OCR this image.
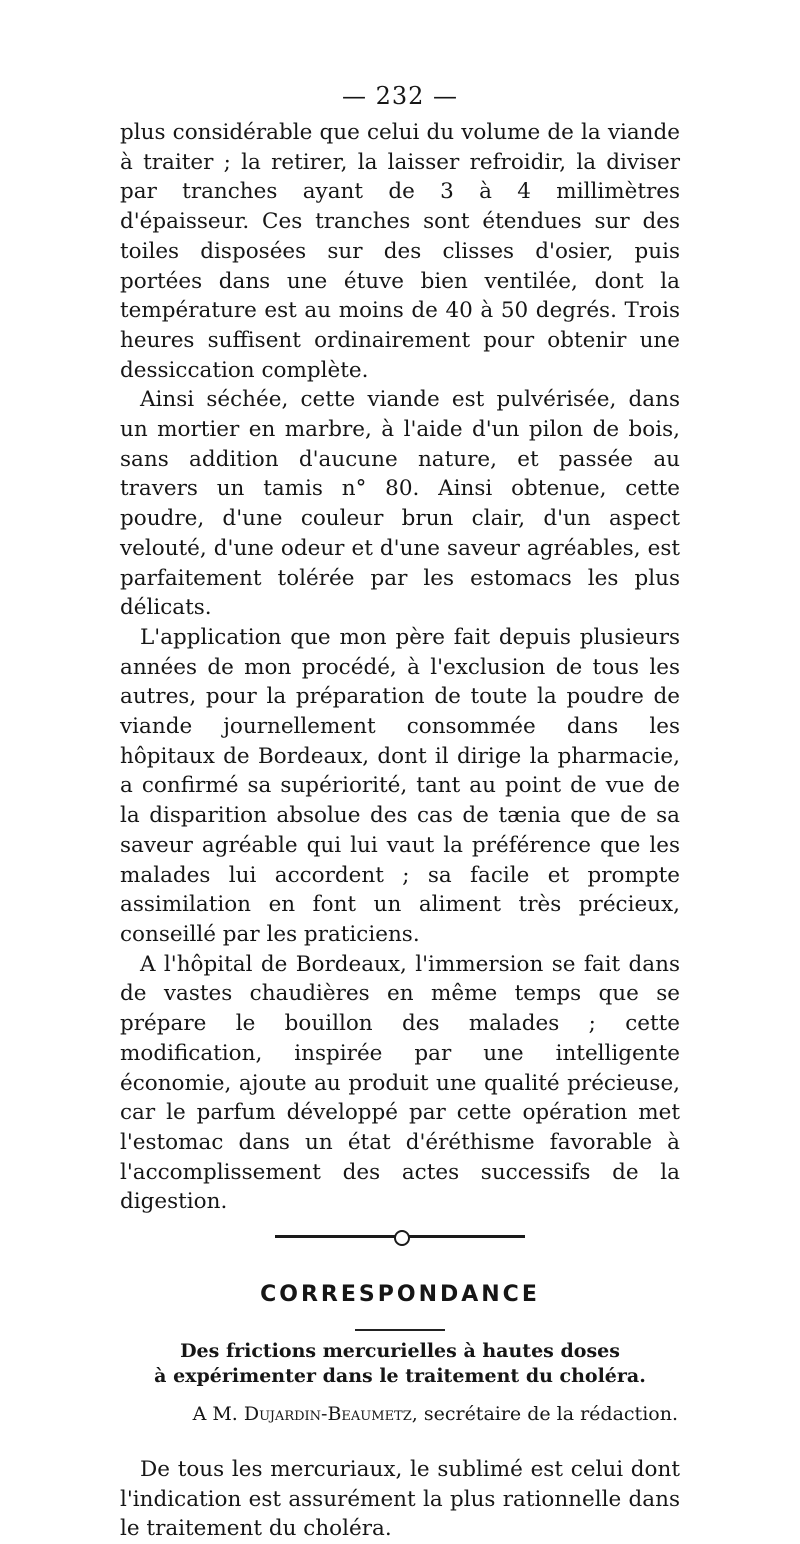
— 232 —

plus considérable que celui du volume de la viande à traiter ; la retirer, la laisser refroidir, la diviser par tranches ayant de 3 à 4 millimètres d'épaisseur. Ces tranches sont étendues sur des toiles disposées sur des clisses d'osier, puis portées dans une étuve bien ventilée, dont la température est au moins de 40 à 50 degrés. Trois heures suffisent ordinairement pour obtenir une dessiccation complète.

Ainsi séchée, cette viande est pulvérisée, dans un mortier en marbre, à l'aide d'un pilon de bois, sans addition d'aucune nature, et passée au travers un tamis n° 80. Ainsi obtenue, cette poudre, d'une couleur brun clair, d'un aspect velouté, d'une odeur et d'une saveur agréables, est parfaitement tolérée par les estomacs les plus délicats.

L'application que mon père fait depuis plusieurs années de mon procédé, à l'exclusion de tous les autres, pour la préparation de toute la poudre de viande journellement consommée dans les hôpitaux de Bordeaux, dont il dirige la pharmacie, a confirmé sa supériorité, tant au point de vue de la disparition absolue des cas de tænia que de sa saveur agréable qui lui vaut la préférence que les malades lui accordent ; sa facile et prompte assimilation en font un aliment très précieux, conseillé par les praticiens.

A l'hôpital de Bordeaux, l'immersion se fait dans de vastes chaudières en même temps que se prépare le bouillon des malades ; cette modification, inspirée par une intelligente économie, ajoute au produit une qualité précieuse, car le parfum développé par cette opération met l'estomac dans un état d'éréthisme favorable à l'accomplissement des actes successifs de la digestion.

CORRESPONDANCE

Des frictions mercurielles à hautes doses
à expérimenter dans le traitement du choléra.

A M. Dujardin-Beaumetz, secrétaire de la rédaction.

De tous les mercuriaux, le sublimé est celui dont l'indication est assurément la plus rationnelle dans le traitement du choléra.
